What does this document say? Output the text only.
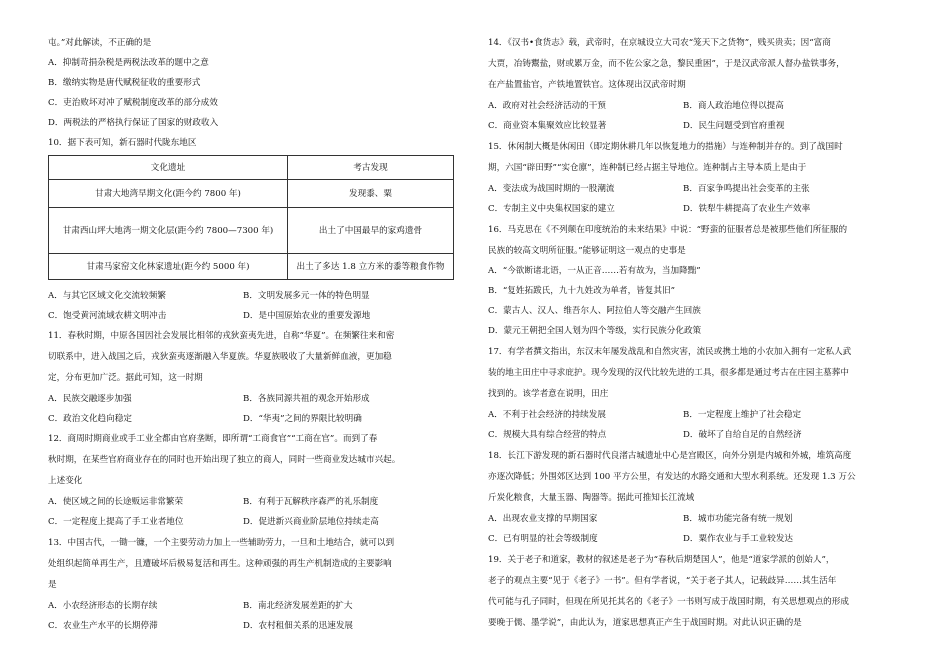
屯。”对此解读，不正确的是
A．抑制苛捐杂税是两税法改革的题中之意
B．缴纳实物是唐代赋税征收的重要形式
C．吏治败坏对冲了赋税制度改革的部分成效
D．两税法的严格执行保证了国家的财政收入
10．据下表可知，新石器时代陇东地区
文化遗址	考古发现
甘肃大地湾早期文化(距今约 7800 年)	发现黍、粟
甘肃西山坪大地湾一期文化层(距今约 7800—7300 年)	出土了中国最早的家鸡遗骨
甘肃马家窑文化林家遗址(距今约 5000 年)	出土了多达 1.8 立方米的黍等粮食作物
A．与其它区域文化交流较频繁	B．文明发展多元一体的特色明显
C．饱受黄河流域农耕文明冲击	D．是中国原始农业的重要发源地
11．春秋时期，中原各国因社会发展比相邻的戎狄蛮夷先进，自称“华夏”。在频繁往来和密
切联系中，进入战国之后，戎狄蛮夷逐渐融入华夏族。华夏族吸收了大量新鲜血液，更加稳
定，分布更加广泛。据此可知，这一时期
A．民族交融逐步加强	B．各族同源共祖的观念开始形成
C．政治文化趋向稳定	D．“华夷”之间的界限比较明确
12．商周时期商业或手工业全都由官府垄断，即所谓“工商食官”“工商在官”。而到了春
秋时期，在某些官府商业存在的同时也开始出现了独立的商人，同时一些商业发达城市兴起。
上述变化
A．使区域之间的长途贩运非常繁荣	B．有利于瓦解秩序森严的礼乐制度
C．一定程度上提高了手工业者地位	D．促进新兴商业阶层地位持续走高
13．中国古代，一锄一镰，一个主要劳动力加上一些辅助劳力，一旦和土地结合，就可以到
处组织起简单再生产，且遭破坏后极易复活和再生。这种顽强的再生产机制造成的主要影响
是
A．小农经济形态的长期存续	B．南北经济发展差距的扩大
C．农业生产水平的长期停滞	D．农村租佃关系的迅速发展
14．《汉书•食货志》载，武帝时，在京城设立大司农“笼天下之货物”，贱买贵卖；因“富商
大贾，冶铸鬻盐，财或累万金，而不佐公家之急，黎民重困”，于是汉武帝派人督办盐铁事务，
在产盐置盐官，产铁地置铁官。这体现出汉武帝时期
A．政府对社会经济活动的干预	B．商人政治地位得以提高
C．商业资本集聚效应比较显著	D．民生问题受到官府重视
15．休闲制大概是休闲田（即定期休耕几年以恢复地力的措施）与连种制并存的。到了战国时
期，六国“辟田野”“实仓廪”，连种制已经占据主导地位。连种制占主导本质上是由于
A．变法成为战国时期的一股潮流	B．百家争鸣提出社会变革的主张
C．专制主义中央集权国家的建立	D．铁犁牛耕提高了农业生产效率
16．马克思在《不列颠在印度统治的未来结果》中说：“野蛮的征服者总是被那些他们所征服的
民族的较高文明所征服。”能够证明这一观点的史事是
A．“今欲断诸北语，一从正音……若有故为，当加降黜”
B．“复姓拓跋氏，九十九姓改为单者，皆复其旧”
C．蒙古人、汉人、维吾尔人、阿拉伯人等交融产生回族
D．蒙元王朝把全国人划为四个等级，实行民族分化政策
17．有学者撰文指出，东汉末年屡发战乱和自然灾害，流民或携土地的小农加入拥有一定私人武
装的地主田庄中寻求庇护。现今发现的汉代比较先进的工具，很多都是通过考古在庄园主墓葬中
找到的。该学者意在说明，田庄
A．不利于社会经济的持续发展	B．一定程度上维护了社会稳定
C．规模大具有综合经营的特点	D．破坏了自给自足的自然经济
18．长江下游发现的新石器时代良渚古城遗址中心是宫殿区，向外分别是内城和外城，堆筑高度
亦逐次降低；外围郊区达到 100 平方公里，有发达的水路交通和大型水利系统。还发现 1.3 万公
斤炭化粮食，大量玉器、陶器等。据此可推知长江流域
A．出现农业支撑的早期国家	B．城市功能完备有统一规划
C．已有明显的社会等级制度	D．粟作农业与手工业较发达
19．关于老子和道家，教材的叙述是老子为“春秋后期楚国人”，他是“道家学派的创始人”，
老子的观点主要“见于《老子》一书”。但有学者说，“关于老子其人，记载歧异……其生活年
代可能与孔子同时，但现在所见托其名的《老子》一书则写成于战国时期，有关思想观点的形成
要晚于儒、墨学说”，由此认为，道家思想真正产生于战国时期。对此认识正确的是
